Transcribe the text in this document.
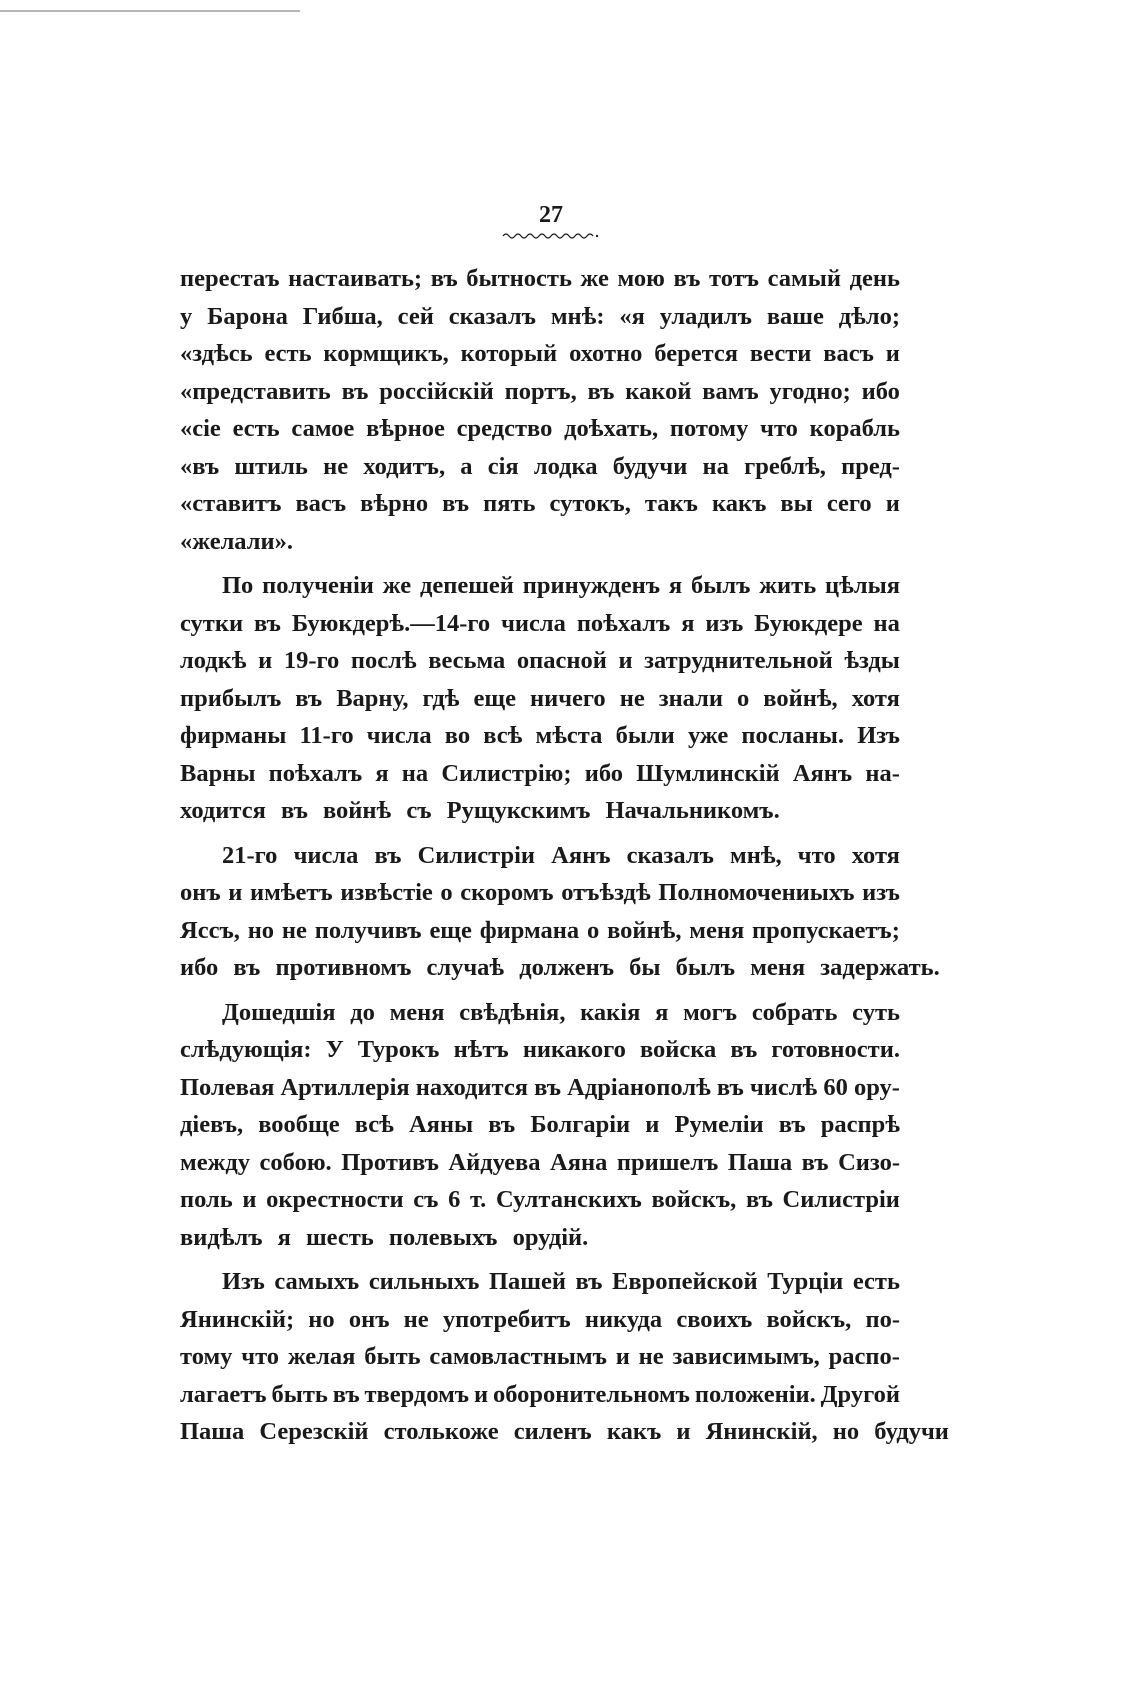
27
перестаъ настаивать; въ бытность же мою въ тотъ самый день
у Барона Гибша, сей сказалъ мнѣ: «я уладилъ ваше дѣло;
«здѣсь есть кормщикъ, который охотно берется вести васъ и
«представить въ россійскій портъ, въ какой вамъ угодно; ибо
«сіе есть самое вѣрное средство доѣхать, потому что корабль
«въ штиль не ходитъ, а сія лодка будучи на греблѣ, пред-
«ставитъ васъ вѣрно въ пять сутокъ, такъ какъ вы сего и
«желали».
По полученіи же депешей принужденъ я былъ жить цѣлыя
сутки въ Буюкдерѣ.—14-го числа поѣхалъ я изъ Буюкдере на
лодкѣ и 19-го послѣ весьма опасной и затруднительной ѣзды
прибылъ въ Варну, гдѣ еще ничего не знали о войнѣ, хотя
фирманы 11-го числа во всѣ мѣста были уже посланы. Изъ
Варны поѣхалъ я на Силистрію; ибо Шумлинскій Аянъ на-
ходится въ войнѣ съ Рущукскимъ Начальникомъ.
21-го числа въ Силистріи Аянъ сказалъ мнѣ, что хотя
онъ и имѣетъ извѣстіе о скоромъ отъѣздѣ Полномочениыхъ изъ
Яссъ, но не получивъ еще фирмана о войнѣ, меня пропускаетъ;
ибо въ противномъ случаѣ долженъ бы былъ меня задержать.
Дошедшія до меня свѣдѣнія, какія я могъ собрать суть
слѣдующія: У Турокъ нѣтъ никакого войска въ готовности.
Полевая Артиллерія находится въ Адріанополѣ въ числѣ 60 ору-
діевъ, вообще всѣ Аяны въ Болгаріи и Румеліи въ распрѣ
между собою. Противъ Айдуева Аяна пришелъ Паша въ Сизо-
поль и окрестности съ 6 т. Султанскихъ войскъ, въ Силистріи
видѣлъ я шесть полевыхъ орудій.
Изъ самыхъ сильныхъ Пашей въ Европейской Турціи есть
Янинскій; но онъ не употребитъ никуда своихъ войскъ, по-
тому что желая быть самовластнымъ и не зависимымъ, распо-
лагаетъ быть въ твердомъ и оборонительномъ положеніи. Другой
Паша Серезскій столькоже силенъ какъ и Янинскій, но будучи
